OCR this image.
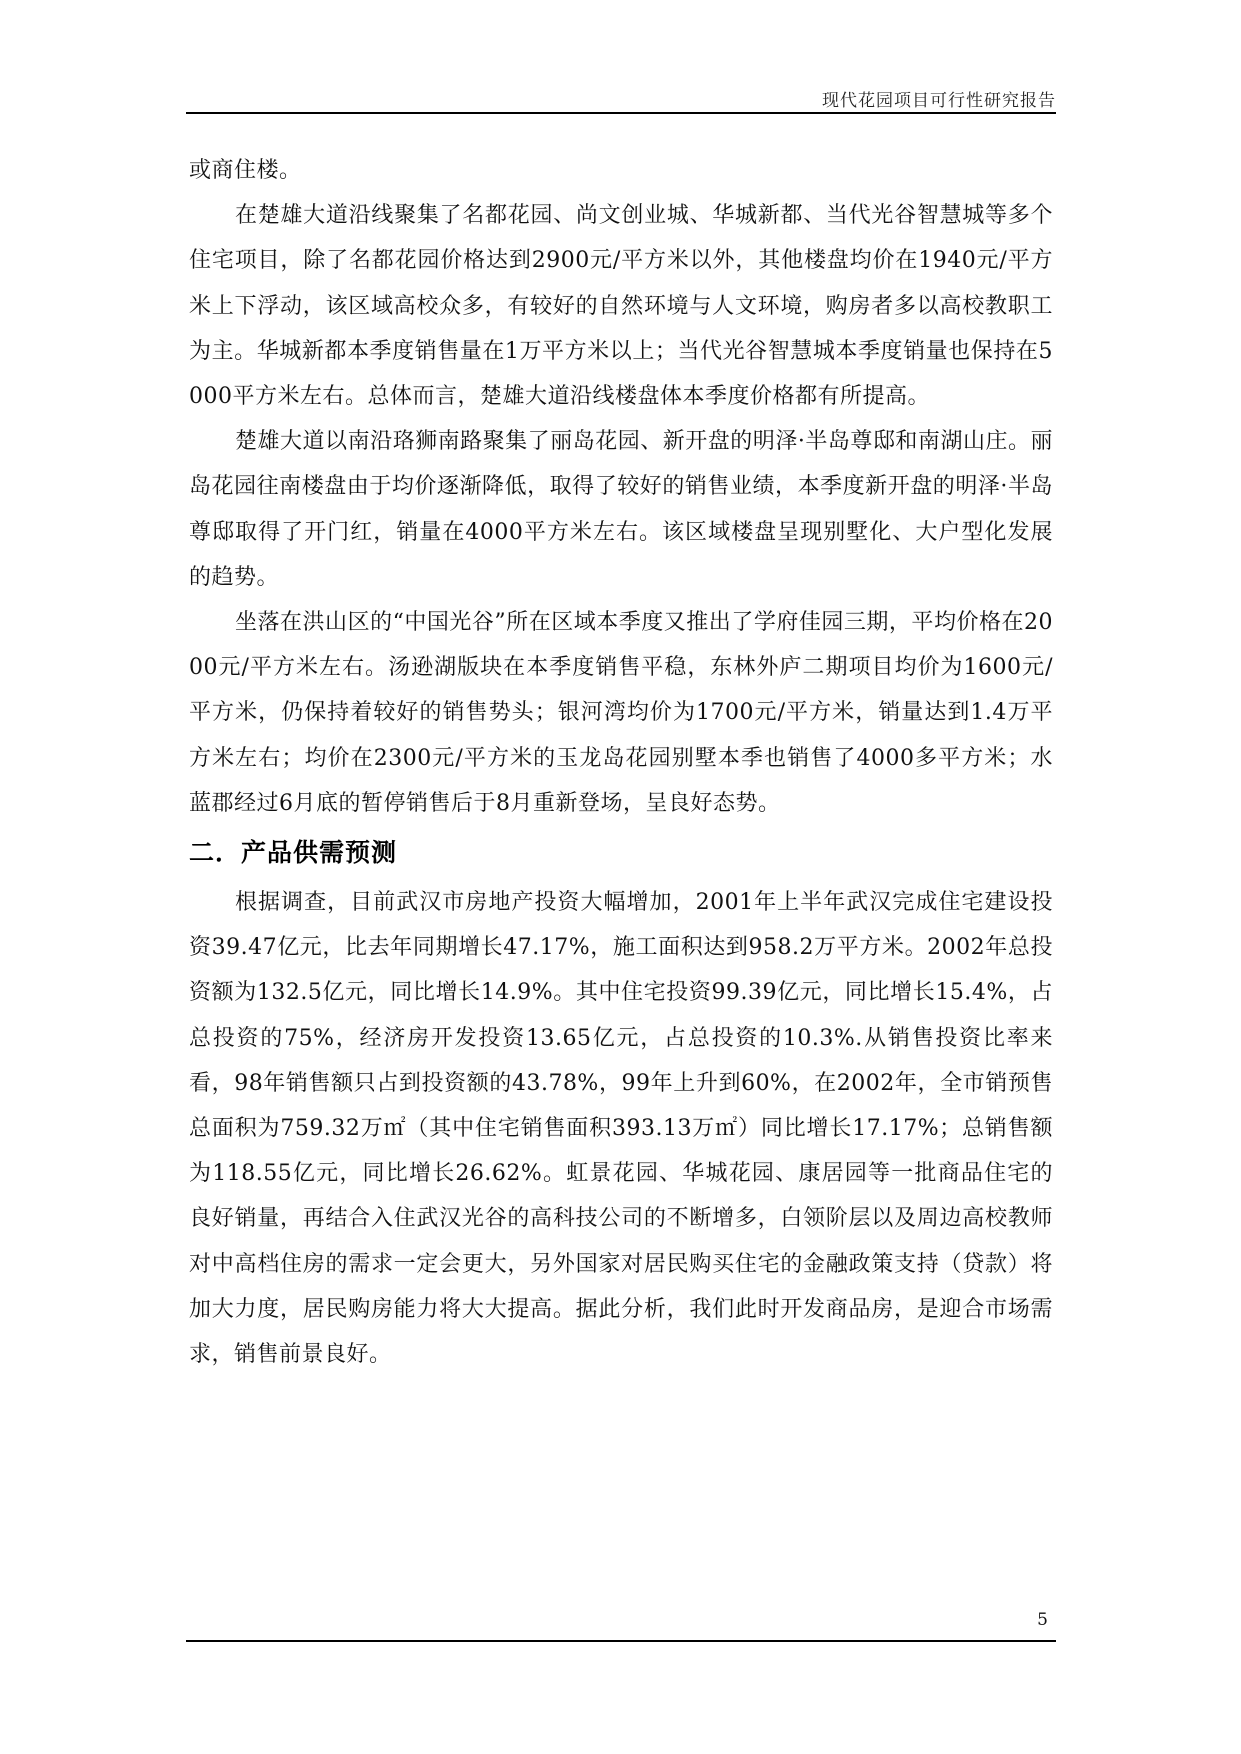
现代花园项目可行性研究报告

或商住楼。

在楚雄大道沿线聚集了名都花园、尚文创业城、华城新都、当代光谷智慧城等多个住宅项目，除了名都花园价格达到2900元/平方米以外，其他楼盘均价在1940元/平方米上下浮动，该区域高校众多，有较好的自然环境与人文环境，购房者多以高校教职工为主。华城新都本季度销售量在1万平方米以上；当代光谷智慧城本季度销量也保持在5000平方米左右。总体而言，楚雄大道沿线楼盘体本季度价格都有所提高。

楚雄大道以南沿珞狮南路聚集了丽岛花园、新开盘的明泽·半岛尊邸和南湖山庄。丽岛花园往南楼盘由于均价逐渐降低，取得了较好的销售业绩，本季度新开盘的明泽·半岛尊邸取得了开门红，销量在4000平方米左右。该区域楼盘呈现别墅化、大户型化发展的趋势。

坐落在洪山区的“中国光谷”所在区域本季度又推出了学府佳园三期，平均价格在2000元/平方米左右。汤逊湖版块在本季度销售平稳，东林外庐二期项目均价为1600元/平方米，仍保持着较好的销售势头；银河湾均价为1700元/平方米，销量达到1.4万平方米左右；均价在2300元/平方米的玉龙岛花园别墅本季也销售了4000多平方米；水蓝郡经过6月底的暂停销售后于8月重新登场，呈良好态势。

二．产品供需预测

根据调查，目前武汉市房地产投资大幅增加，2001年上半年武汉完成住宅建设投资39.47亿元，比去年同期增长47.17%，施工面积达到958.2万平方米。2002年总投资额为132.5亿元，同比增长14.9%。其中住宅投资99.39亿元，同比增长15.4%，占总投资的75%，经济房开发投资13.65亿元，占总投资的10.3%.从销售投资比率来看，98年销售额只占到投资额的43.78%，99年上升到60%，在2002年，全市销预售总面积为759.32万㎡（其中住宅销售面积393.13万㎡）同比增长17.17%；总销售额为118.55亿元，同比增长26.62%。虹景花园、华城花园、康居园等一批商品住宅的良好销量，再结合入住武汉光谷的高科技公司的不断增多，白领阶层以及周边高校教师对中高档住房的需求一定会更大，另外国家对居民购买住宅的金融政策支持（贷款）将加大力度，居民购房能力将大大提高。据此分析，我们此时开发商品房，是迎合市场需求，销售前景良好。

5
